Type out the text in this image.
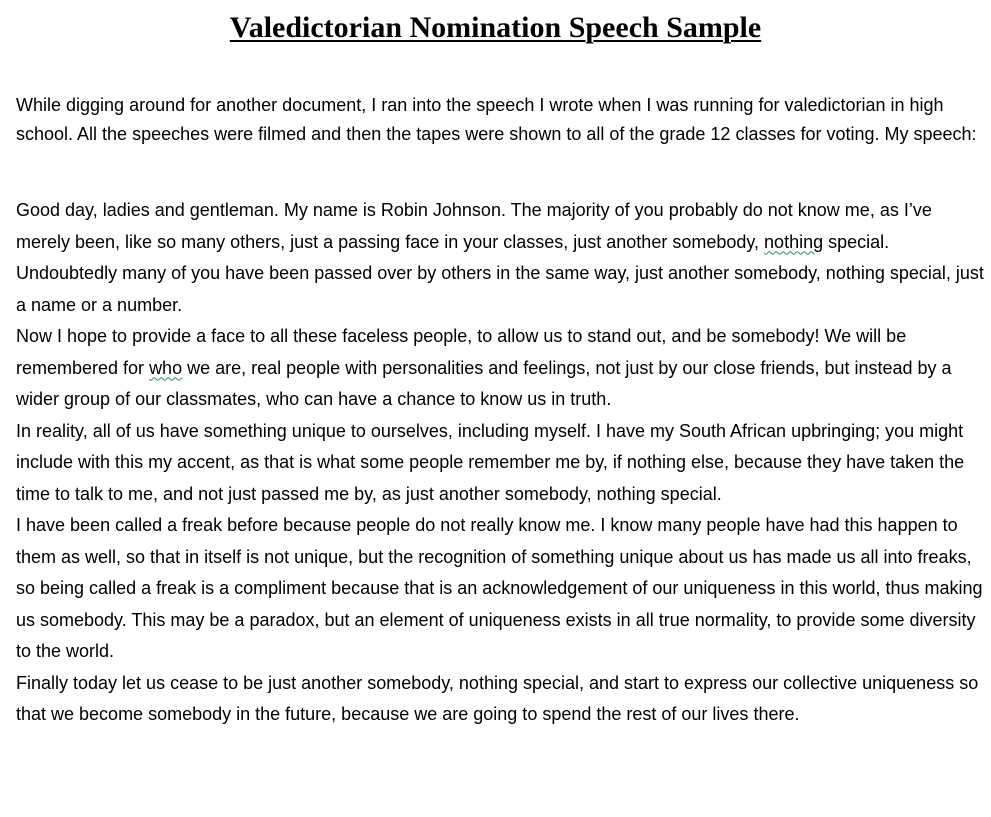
Valedictorian Nomination Speech Sample

While digging around for another document, I ran into the speech I wrote when I was running for valedictorian in high school. All the speeches were filmed and then the tapes were shown to all of the grade 12 classes for voting. My speech:

Good day, ladies and gentleman. My name is Robin Johnson. The majority of you probably do not know me, as I’ve merely been, like so many others, just a passing face in your classes, just another somebody, nothing special. Undoubtedly many of you have been passed over by others in the same way, just another somebody, nothing special, just a name or a number.

Now I hope to provide a face to all these faceless people, to allow us to stand out, and be somebody! We will be remembered for who we are, real people with personalities and feelings, not just by our close friends, but instead by a wider group of our classmates, who can have a chance to know us in truth.

In reality, all of us have something unique to ourselves, including myself. I have my South African upbringing; you might include with this my accent, as that is what some people remember me by, if nothing else, because they have taken the time to talk to me, and not just passed me by, as just another somebody, nothing special.

I have been called a freak before because people do not really know me. I know many people have had this happen to them as well, so that in itself is not unique, but the recognition of something unique about us has made us all into freaks, so being called a freak is a compliment because that is an acknowledgement of our uniqueness in this world, thus making us somebody. This may be a paradox, but an element of uniqueness exists in all true normality, to provide some diversity to the world.

Finally today let us cease to be just another somebody, nothing special, and start to express our collective uniqueness so that we become somebody in the future, because we are going to spend the rest of our lives there.
